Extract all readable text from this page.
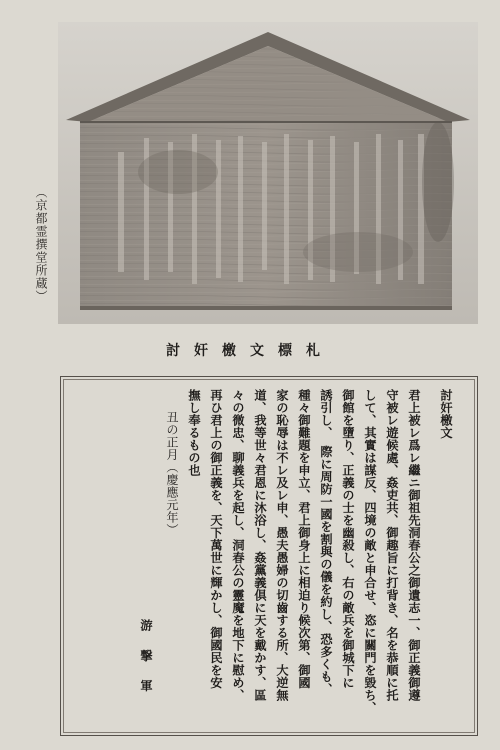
（京都霊撰堂所蔵）
討奸檄文標札
討奸檄文
君上被レ爲レ繼ニ御祖先洞春公之御遺志一、御正義御遵
守被レ遊候處、姦吏共、御趣旨に打背き、名を恭順に托
して、其實は謀反、四境の敵と申合せ、恣に關門を毀ち、
御館を墮り、正義の士を幽殺し、右の敵兵を御城下に
誘引し、　際に周防一國を割與の儀を約し、恐多くも、
種々御難題を申立、君上御身上に相迫り候次第、御國
家の恥辱は不レ及レ申、愚夫愚婦の切齒する所、大逆無
道、我等世々君恩に沐浴し、姦黨義倶に天を戴かす、區
々の微忠、聊義兵を起し、洞春公の靈魔を地下に慰め、
再ひ君上の御正義を、天下萬世に輝かし、御國民を安
撫し奉るもの也
丑の正月（慶應元年）
游撃軍
